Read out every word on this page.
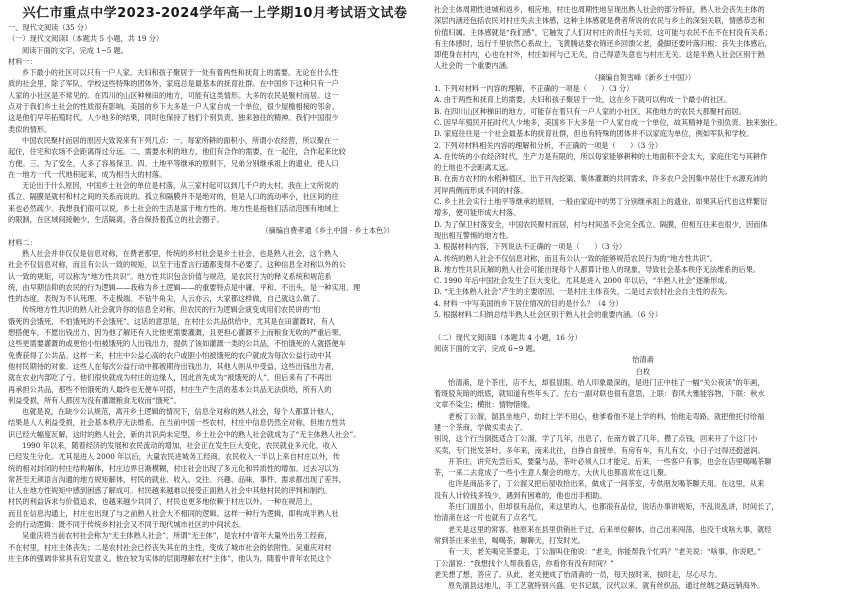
兴仁市重点中学2023-2024学年高一上学期10月考试语文试卷
一、现代文阅读（35 分）
（一）现代文阅读Ⅰ（本题共 5 小题，共 19 分）
阅读下面的文字，完成 1~5 题。
材料一：
乡下最小的社区可以只有一户人家。夫妇和孩子聚居于一处有着两性和抚育上的需要。无论在什么性
质的社会里，除了军队、学校这些特殊的团体外，家庭总是最基本的抚育社群。在中国乡下这种只有一户
人家的小社区是不常见的。在四川的山区种梯田的地方，可能有这类情形。大多的农民是聚村而居。这一
点对于我们乡土社会的性质很有影响。美国的乡下大多是一户人家自成一个单位，很少屋檐相接的邻舍。
这是他们早年拓殖时代，人少地多的结果，同时也保持了他们个别负责，独来独往的精神。我们中国很少
类似的情形。
中国农民聚村而居的原因大致说来有下列几点：一、每家所耕的面积小，所谓小农经营，所以聚在一
起住，住宅和农场不会距离得过分远。二、需要水利的地方，他们有合作的需要，在一起住，合作起来比较
方便。三、为了安全，人多了容易保卫。四、土地平等继承的原则下，兄弟分别继承祖上的遗业，使人口
在一地方一代一代地积起来，成为相当大的村落。
无论出于什么原因，中国乡土社会的单位是村落，从三家村起可以到几千户的大村。我在上文所说的
孤立、隔膜是就村和村之间的关系而说的。孤立和隔膜并不是绝对的，但是人口的流动率小，社区间的往
来也必然疏少。我想我们很可以说，乡土社会的生活是富于地方性的。地方性是指他们活动范围有地域上
的限制，在区域间接触少，生活隔离，各自保持着孤立的社会圈子。
（摘编自费孝通《乡土中国 · 乡土本色》）
材料二：
熟人社会并非仅仅是信息对称，在费老那里，传统的乡村社会是乡土社会，也是熟人社会，这个熟人
社会不仅信息对称，而且有公认一致的规矩，以至于违背言行通都变得不必要了。这种信息全对称以外的公
认一致的规矩，可以称为“地方性共识”。地方性共识包含价值与规范，是农民行为的释义系统和规范系
统，由早期信仰的农民的行为逻辑——我称为乡土逻辑——的重要特点是中庸、平和、不出头，是一种实用、理
性的态度，表现为不认死理、不走极端、不钻牛角尖，人云亦云，大家都这样做，自己就这么做了。
传统地方性共识的熟人社会就许你的信息全对称，但农民的行为逻辑会演变成用们农民讲的“怕
饿死的会饿死，不怕饿死的不会饿死”。这话的意思是，在村庄公共品供给中，尤其是在田灌溉时，有人
想搭便车，不愿出钱出力，因为他了解还有人比他更需要灌溉，且更担心灌溉不上而粮食无收的严重后果。
这些更需要灌溉的或更怕小怕被饿死的人出钱出力，提供了该如灌溉一类的公共品，不怕饿死的人就搭便车
免费获得了公共品。这样一来，村庄中公益心高的农户或胆小怕被饿死的农户就成为每次公益行动中其
他村民期待的对象。这些人在每次公益行动中都被期待出钱出力，其他人则从中受益，这些出钱出力者，
就在农业内部吃了亏。他们很快就成为村庄的边缘人，因此首先成为“被饿死的人”，但后来有了不再出
再承担公共品，那些不怕饿死的人最终也无便车可搭，村庄生产生活的基本公共品无法供给，所有人的
利益受损，所有人都因为没有灌溉粮食无收而“饿死”。
也就是说，在缺少公认规范，离开乡土逻辑的情况下，信息全对称的熟人社会，每个人都算计他人，
结果是人人利益受损，社会基本秩序无法维系。在当前中国一些农村，村庄中信息仍然全对称，但地方性共
识已经大幅度瓦解，这时的熟人社会，新的共识尚未定型，乡土社会中的熟人社会就成为了“无主体熟人社会”。
1990 年以来，随着经济的发展和农民流动的增加，社会正在发生巨大变化，农民就业多元化，收入
已经发生分化。尤其是进入 2000 年以后，大量农民进城务工经商，农民收入一半以上来自村庄以外，传
统的相对封闭的村庄结构解体，村庄边界日渐模糊，村庄社会出现了多元化和异质性的增加。过去习以为
常甚至无须语言沟通的地方规矩解体，村民的就业、收入、交往、兴趣、品味、事件、需求都出现了差异，
让人在地方性规矩中感到困惑了解成可。村民越来越难以接受正面熟人社会中其他村民的评判和制约。
村民的利益诉求与价值追求，也越来越少共同了，村民也更多地依赖于村庄以外。一种在规范上，
而且在信息沟通上，村庄也出现了与之前熟人社会大不相同的逻辑。这样一种行为逻辑，即构成半熟人社
会的行动逻辑：既不同于传统乡村社会又不同于现代城市社区的中间状态。
吴重庆将当前农村社会称为“无主体熟人社会”，所谓“无主体”，是农村中青年大量外出务工经商，
不在村里，村庄主体丧失；二是农村社会已经丧失其在的主性，变成了城市社会的依附性。吴重庆对村
庄主体的强调非常具有启发意义。他在较为实体的层面理解农村“主体”，他认为，随着中青年农民这个
社会主体周期性进城和返乡，相应地，村庄也周期性地呈现出熟人社会的部分特征，熟人社会丧失主体的
深层内涵还包括农民对村庄失去主体感，这种主体感就是费者所说的农民与乡土的深刻关联，情感恭恋和
价值归属。主体感就是“我们感”，它触发了人们对村庄的责任与关切，这可能与农民不在不在村没有关系；
有主体感时，远行千里依然心系故土，飞黄腾达要衣锦还乡回馈父老，叠脚还要叶落归根；丧失主体感后，
即使身在村内，心也在村外，村庄如何与己无关，自己得意失意也与村庄无关。这是半熟人社会区别于熟
人社会的一个重要内涵。
（摘编自贺雪峰《新乡土中国》）
1. 下列对材料一内容的理解，不正确的一项是（　　）（3 分）
A. 由于两性和抚育上的需要，夫妇和孩子聚居于一处，这在乡下就可以构成一个最小的社区。
B. 在四川山区种梯田的地方，可能存在着只有一户人家的小社区，其他地方的农民大都聚村而居。
C. 因早年殖民开拓时代人少地多，美国乡下大多是一户人家自成一个单位，故其精神是个别负责、独来独往。
D. 家庭往往是一个社会最基本的抚育社群，但也有特殊的团体并不以家庭为单位，例如军队和学校。
2. 下列对材料相关内容的理解和分析，不正确的一项是（　　）（3 分）
A. 在传统的小农经济时代，生产力是有限的，所以每家能够耕种的土地面积不会太大，家庭住宅与其耕作
的土地也不会距离太远。
B. 在南方农村的水稻种植区，出于开沟挖渠、集体灌溉的共同需求，许多农户会因集中居住于水源充沛的
河岸两侧而形成不同的村落。
C. 乡土社会实行土地平等继承的原则，一般由家庭中的男丁分别继承祖上的遗业，如果其后代也这样繁衍
增多，便可能形成大村落。
D. 为了保卫村落安全，中国农民聚村而居，村与村间虽不会完全孤立、隔膜，但相互往来也很少，因而体
现出相互警惕的地方性。
3. 根据材料内容，下列说法不正确的一项是（　　）（3 分）
A. 传统的熟人社会不仅信息对称，而且有公认一致的能够规范农民行为的“地方性共识”。
B. 地方性共识瓦解的熟人社会可能出现每个人都算计他人的现象，导致社会基本秩序无法维系的后果。
C. 1990 年后中国社会发生了巨大变化，尤其是进入 2000 年以后，“半熟人社会”逐渐形成。
D. “无主体熟人社会”产生的主要原因，一是村庄主体丧失，二是过去农村社会自主性的丧失。
4. 材料一中写美国的乡下居住情况的目的是什么？（4 分）
5. 根据材料二归纳总结半熟人社会区别于熟人社会的重要内涵。（6 分）
（二）现代文阅读Ⅱ（本题共 4 小题，16 分）
阅读下面的文字，完成 6~9 题。
怡清斋
白枚
怡清斋，是个茶庄，店不大，却很显眼。给人印象最深的，是进门正中挂了一幅“关公夜读”的年画，
着斑驳灰暗的纸底，就知道有些年头了。左右一副对联也很有意思，上联：春风大雅能容物，下联：秋水
文章不染尘；横批：情物惜缘。
老板丁公溜，溜县坐地户，幼时上学不用心，他爹看他不是上学的料，怕他走弯路，就把他托付给福
建一个茶商，学做买卖去了。
别说，这个行当倒挺适合丁公溜，学了几年，出息了，在南方做了几年，攒了点钱，回来开了个这门小
买卖，专门批发茶叶。多年来，南来北往，自挣自食接单，有房有车，有儿有女，小日子过得还挺滋润。
开茶庄，讲究先尝后买，要量与品，茶叶必须入口才能定。后来，一些客户有事，也会在店里喝喝茶聊
茶，一来二去竟成了一些小生意人聚会的地方，大伙儿也都喜欢在这儿聚。
也许是商品多了，丁公溜又把后屋收拾出来，做成了一间茶室，专供朋友喝茶聊天用。在这里，从来
没有人计较钱多钱少，遇到有困难的，他也出手相助。
茶庄门面虽小，但却很有品位，来这里的人，也都很有品位，说话办事讲规矩，不乱说乱讲，时间长了，
怡清斋在这一片也就有了点名气。
老关是这里的常客。他原来在县里供销社干过，后来单位解体，自己出来闯荡，也没干成啥大事，就经
常到茶庄来坐坐，喝喝茶，聊聊天，打发时光。
有一天，老关喝完茶要走，丁公溜叫住他说：“老关，你能帮我个忙吗？”老关说：“啥事，你说吧。”
丁公溜说：“我想找个人帮我看店，你看你有没有时间？”
老关想了想，答应了。从此，老关便成了怡清斋的一员，每天按时来，按时走，尽心尽力。
原先溜县这地儿，手工艺就特别兴盛。史书记载，汉代以来，就有丝织品，通过丝绸之路远销海外。
